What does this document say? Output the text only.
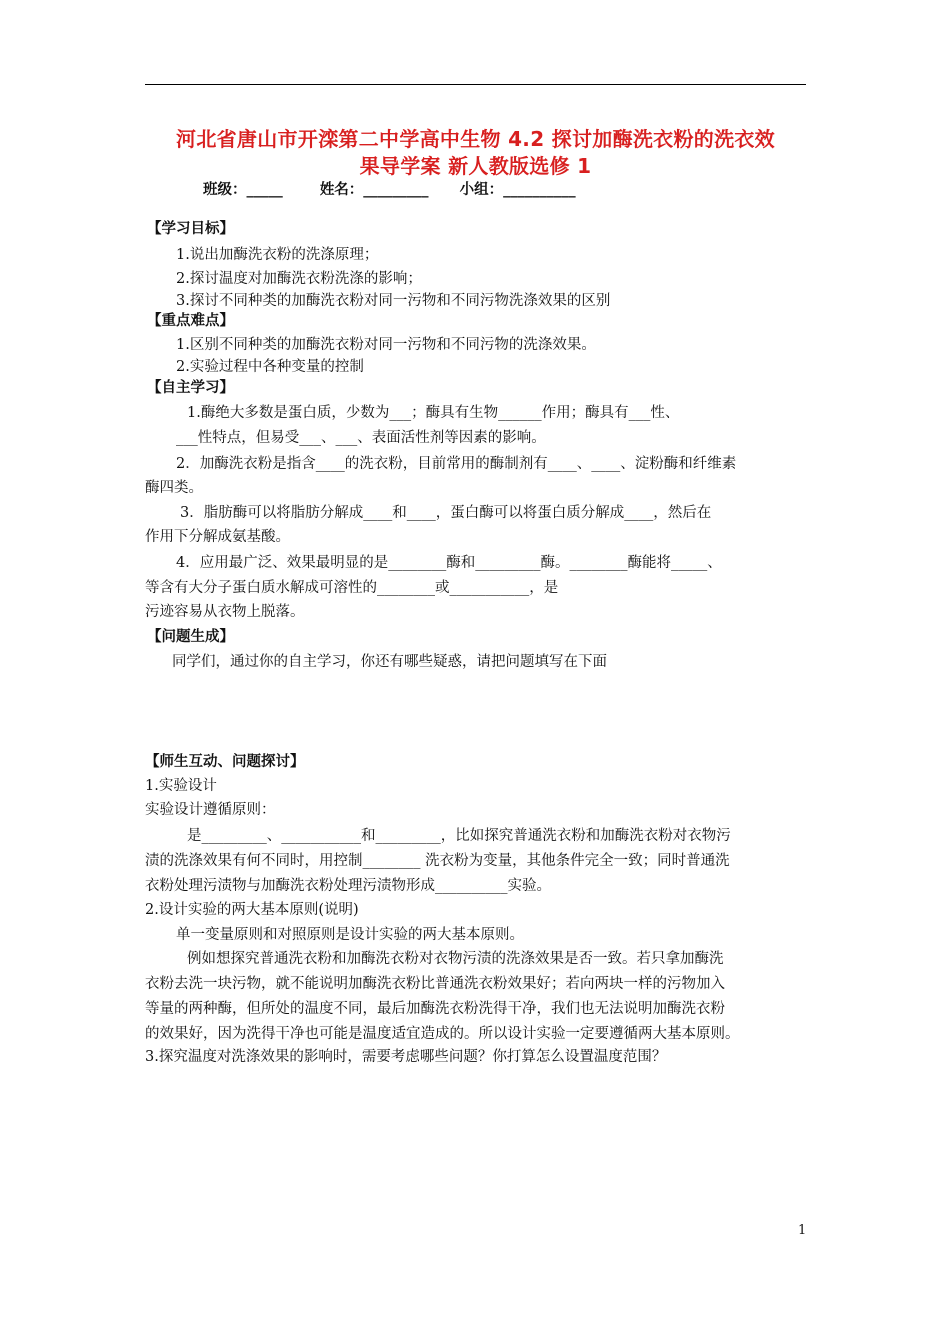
河北省唐山市开滦第二中学高中生物 4.2 探讨加酶洗衣粉的洗衣效
果导学案 新人教版选修 1
班级：_____	姓名：_________ 小组：__________
【学习目标】
1.说出加酶洗衣粉的洗涤原理；
2.探讨温度对加酶洗衣粉洗涤的影响；
3.探讨不同种类的加酶洗衣粉对同一污物和不同污物洗涤效果的区别
【重点难点】
1.区别不同种类的加酶洗衣粉对同一污物和不同污物的洗涤效果。
2.实验过程中各种变量的控制
【自主学习】
1.酶绝大多数是蛋白质，少数为___；酶具有生物______作用；酶具有___性、
___性特点，但易受___、___、表面活性剂等因素的影响。
2．加酶洗衣粉是指含____的洗衣粉，目前常用的酶制剂有____、____、淀粉酶和纤维素
酶四类。
3．脂肪酶可以将脂肪分解成____和____，蛋白酶可以将蛋白质分解成____，然后在
作用下分解成氨基酸。
4．应用最广泛、效果最明显的是________酶和_________酶。________酶能将_____、
等含有大分子蛋白质水解成可溶性的________或___________，是
污迹容易从衣物上脱落。
【问题生成】
同学们，通过你的自主学习，你还有哪些疑惑，请把问题填写在下面
【师生互动、问题探讨】
1.实验设计
实验设计遵循原则：
是_________、___________和_________，比如探究普通洗衣粉和加酶洗衣粉对衣物污
渍的洗涤效果有何不同时，用控制________ 洗衣粉为变量，其他条件完全一致；同时普通洗
衣粉处理污渍物与加酶洗衣粉处理污渍物形成__________实验。
2.设计实验的两大基本原则(说明)
单一变量原则和对照原则是设计实验的两大基本原则。
例如想探究普通洗衣粉和加酶洗衣粉对衣物污渍的洗涤效果是否一致。若只拿加酶洗
衣粉去洗一块污物，就不能说明加酶洗衣粉比普通洗衣粉效果好；若向两块一样的污物加入
等量的两种酶，但所处的温度不同，最后加酶洗衣粉洗得干净，我们也无法说明加酶洗衣粉
的效果好，因为洗得干净也可能是温度适宜造成的。所以设计实验一定要遵循两大基本原则。
3.探究温度对洗涤效果的影响时，需要考虑哪些问题？你打算怎么设置温度范围？
1
